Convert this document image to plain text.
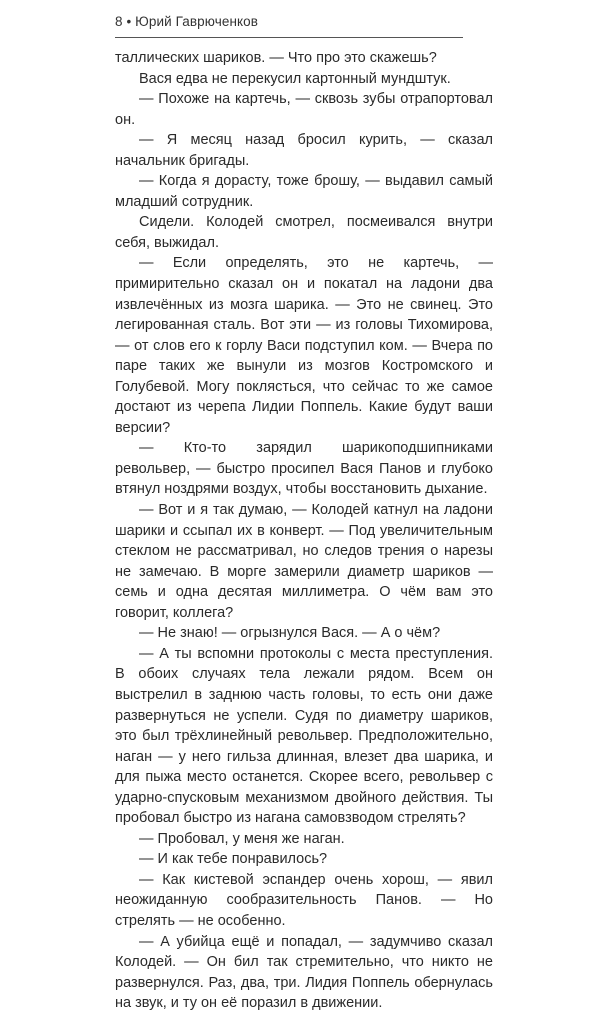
8 • Юрий Гаврюченков

таллических шариков. — Что про это скажешь?

Вася едва не перекусил картонный мундштук.

— Похоже на картечь, — сквозь зубы отрапортовал он.

— Я месяц назад бросил курить, — сказал начальник бригады.

— Когда я дорасту, тоже брошу, — выдавил самый младший сотрудник.

Сидели. Колодей смотрел, посмеивался внутри себя, выжидал.

— Если определять, это не картечь, — примирительно сказал он и покатал на ладони два извлечённых из мозга шарика. — Это не свинец. Это легированная сталь. Вот эти — из головы Тихомирова, — от слов его к горлу Васи подступил ком. — Вчера по паре таких же вынули из мозгов Костромского и Голубевой. Могу поклясться, что сейчас то же самое достают из черепа Лидии Поппель. Какие будут ваши версии?

— Кто-то зарядил шарикоподшипниками револьвер, — быстро просипел Вася Панов и глубоко втянул ноздрями воздух, чтобы восстановить дыхание.

— Вот и я так думаю, — Колодей катнул на ладони шарики и ссыпал их в конверт. — Под увеличительным стеклом не рассматривал, но следов трения о нарезы не замечаю. В морге замерили диаметр шариков — семь и одна десятая миллиметра. О чём вам это говорит, коллега?

— Не знаю! — огрызнулся Вася. — А о чём?

— А ты вспомни протоколы с места преступления. В обоих случаях тела лежали рядом. Всем он выстрелил в заднюю часть головы, то есть они даже развернуться не успели. Судя по диаметру шариков, это был трёхлинейный револьвер. Предположительно, наган — у него гильза длинная, влезет два шарика, и для пыжа место останется. Скорее всего, револьвер с ударно-спусковым механизмом двойного действия. Ты пробовал быстро из нагана самовзводом стрелять?

— Пробовал, у меня же наган.

— И как тебе понравилось?

— Как кистевой эспандер очень хорош, — явил неожиданную сообразительность Панов. — Но стрелять — не особенно.

— А убийца ещё и попадал, — задумчиво сказал Колодей. — Он бил так стремительно, что никто не развернулся. Раз, два, три. Лидия Поппель обернулась на звук, и ту он её поразил в движении.
